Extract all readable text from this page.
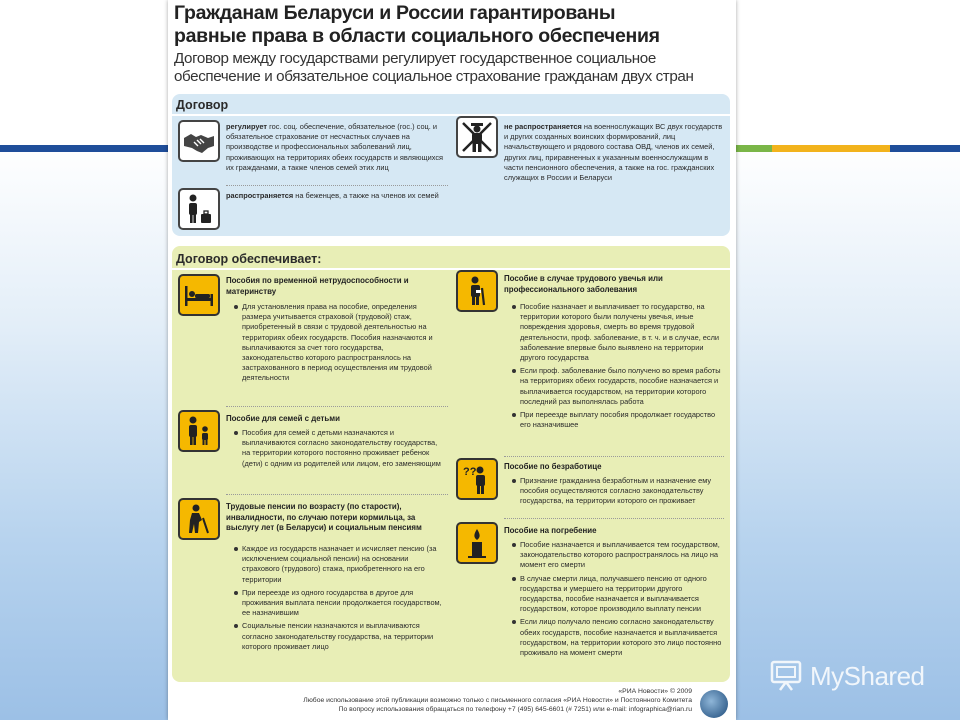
MyShared
Гражданам Беларуси и России гарантированы
равные права в области социального обеспечения
Договор между государствами регулирует государственное социальное
обеспечение и обязательное социальное страхование гражданам двух стран
Договор
регулирует гос. соц. обеспечение, обязательное (гос.) соц. и обязательное страхование от несчастных случаев на производстве и профессиональных заболеваний лиц, проживающих на территориях обеих государств и являющихся их гражданами, а также членов семей этих лиц
распространяется на беженцев, а также на членов их семей
не распространяется на военнослужащих ВС двух государств и других созданных воинских формирований, лиц начальствующего и рядового состава ОВД, членов их семей, других лиц, приравненных к указанным военнослужащим в части пенсионного обеспечения, а также на гос. гражданских служащих в России и Беларуси
Договор обеспечивает:
Пособия по временной нетрудоспособности и материнству
Для установления права на пособие, определения размера учитывается страховой (трудовой) стаж, приобретенный в связи с трудовой деятельностью на территориях обеих государств. Пособия назначаются и выплачиваются за счет того государства, законодательство которого распространялось на застрахованного в период осуществления им трудовой деятельности
Пособие для семей с детьми
Пособия для семей с детьми назначаются и выплачиваются согласно законодательству государства, на территории которого постоянно проживает ребенок (дети) с одним из родителей или лицом, его заменяющим
Трудовые пенсии по возрасту (по старости), инвалидности, по случаю потери кормильца, за выслугу лет (в Беларуси) и социальным пенсиям
Каждое из государств назначает и исчисляет пенсию (за исключением социальной пенсии) на основании страхового (трудового) стажа, приобретенного на его территории
При переезде из одного государства в другое для проживания выплата пенсии продолжается государством, ее назначившим
Социальные пенсии назначаются и выплачиваются согласно законодательству государства, на территории которого проживает лицо
Пособие в случае трудового увечья или профессионального заболевания
Пособие назначает и выплачивает то государство, на территории которого были получены увечья, иные повреждения здоровья, смерть во время трудовой деятельности, проф. заболевание, в т. ч. и в случае, если заболевание впервые было выявлено на территории другого государства
Если проф. заболевание было получено во время работы на территориях обеих государств, пособие назначается и выплачивается государством, на территории которого последний раз выполнялась работа
При переезде выплату пособия продолжает государство его назначившее
??	Пособие по безработице
Признание гражданина безработным и назначение ему пособия осуществляются согласно законодательству государства, на территории которого он проживает
Пособие на погребение
Пособие назначается и выплачивается тем государством, законодательство которого распространялось на лицо на момент его смерти
В случае смерти лица, получавшего пенсию от одного государства и умершего на территории другого государства, пособие назначается и выплачивается государством, которое производило выплату пенсии
Если лицо получало пенсию согласно законодательству обеих государств, пособие назначается и выплачивается государством, на территории которого это лицо постоянно проживало на момент смерти
«РИА Новости» © 2009
Любое использование этой публикации возможно только с письменного согласия «РИА Новости» и Постоянного Комитета
По вопросу использования обращаться по телефону +7 (495) 645-6601 (# 7251) или e-mail: infographica@rian.ru
